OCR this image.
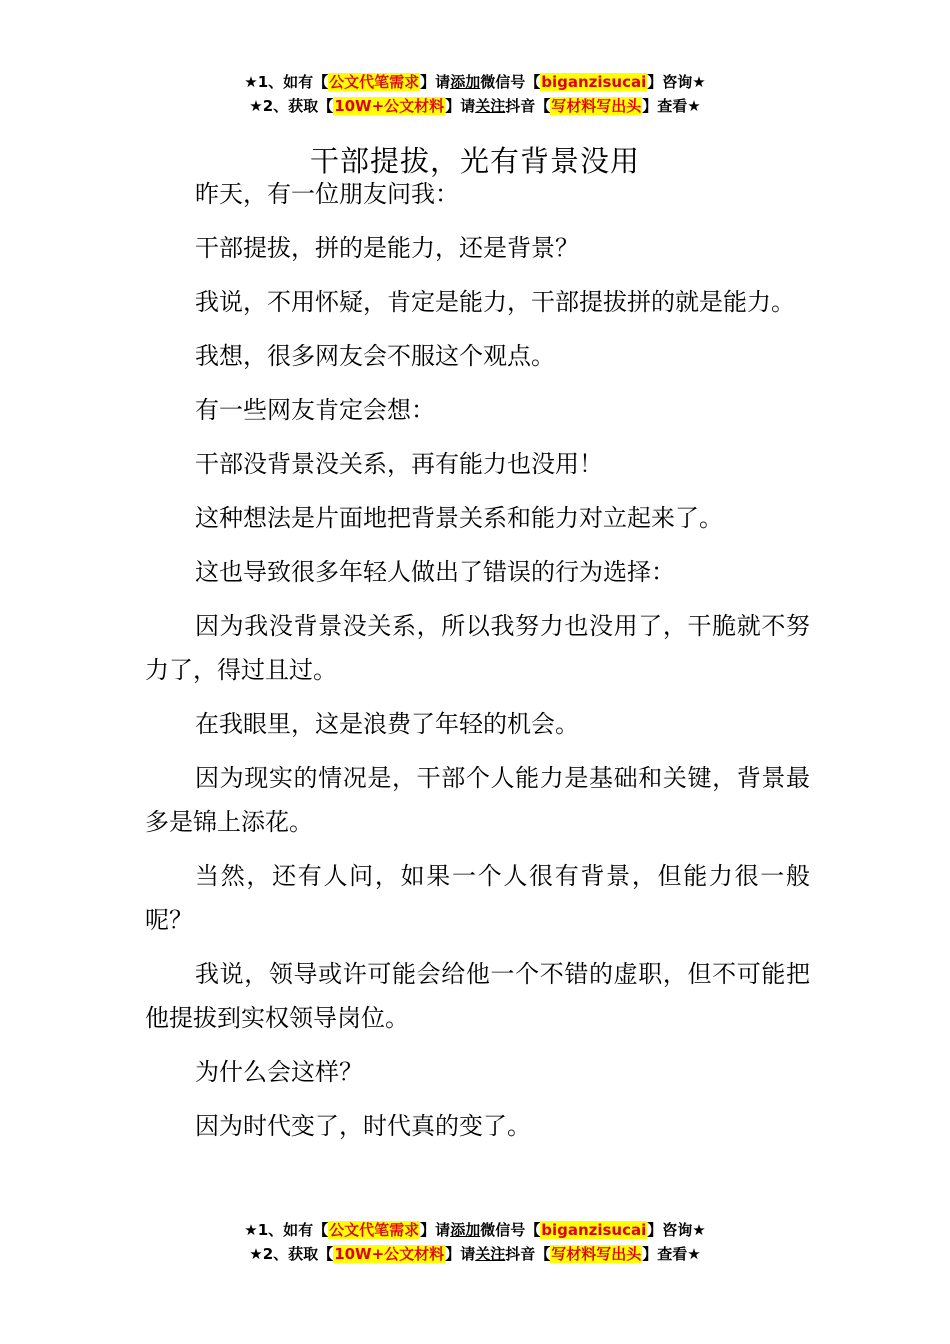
★1、如有【公文代笔需求】请添加微信号【biganzisucai】咨询★
★2、获取【10W+公文材料】请关注抖音【写材料写出头】查看★
干部提拔，光有背景没用

昨天，有一位朋友问我：

干部提拔，拼的是能力，还是背景？

我说，不用怀疑，肯定是能力，干部提拔拼的就是能力。

我想，很多网友会不服这个观点。

有一些网友肯定会想：

干部没背景没关系，再有能力也没用！

这种想法是片面地把背景关系和能力对立起来了。

这也导致很多年轻人做出了错误的行为选择：

因为我没背景没关系，所以我努力也没用了，干脆就不努力了，得过且过。

在我眼里，这是浪费了年轻的机会。

因为现实的情况是，干部个人能力是基础和关键，背景最多是锦上添花。

当然，还有人问，如果一个人很有背景，但能力很一般呢？

我说，领导或许可能会给他一个不错的虚职，但不可能把他提拔到实权领导岗位。

为什么会这样？

因为时代变了，时代真的变了。

★1、如有【公文代笔需求】请添加微信号【biganzisucai】咨询★
★2、获取【10W+公文材料】请关注抖音【写材料写出头】查看★
